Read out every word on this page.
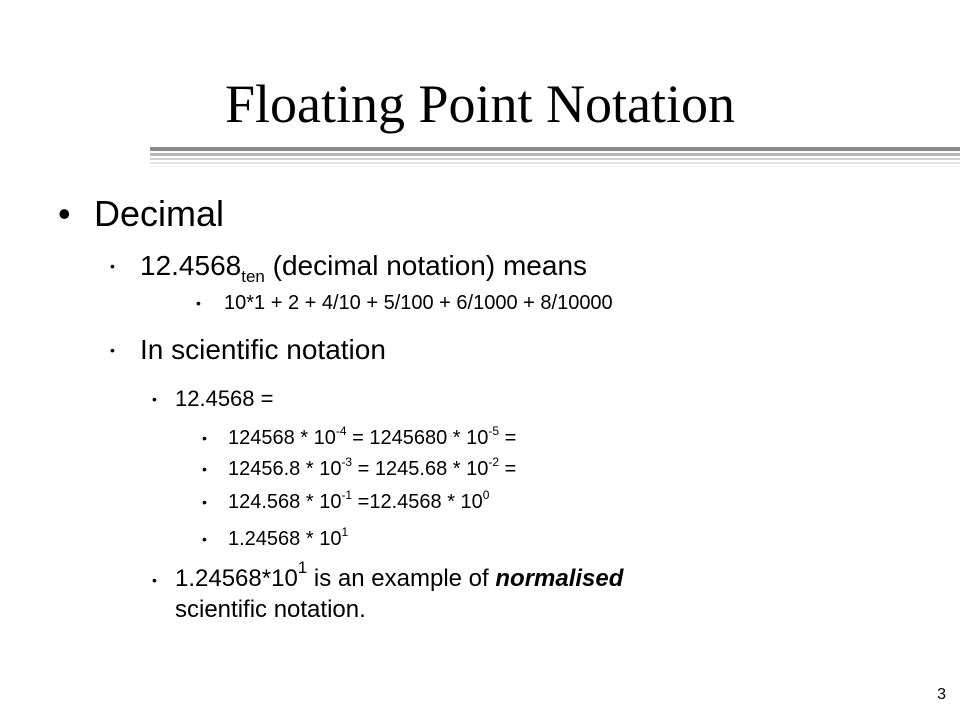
Floating Point Notation
• Decimal
• $12.4568_{ten}$ (decimal notation) means
• 10*1 + 2 + 4/10 + 5/100 + 6/1000 + 8/10000
• In scientific notation
• 12.4568 =
• $124568 * 10^{-4} = 1245680 * 10^{-5}$ =
• $12456.8 * 10^{-3} = 1245.68 * 10^{-2}$ =
• $124.568 * 10^{-1} =12.4568 * 10^0$
• $1.24568 * 10^1$
• $1.24568*10^1$ is an example of normalised
scientific notation.
3
